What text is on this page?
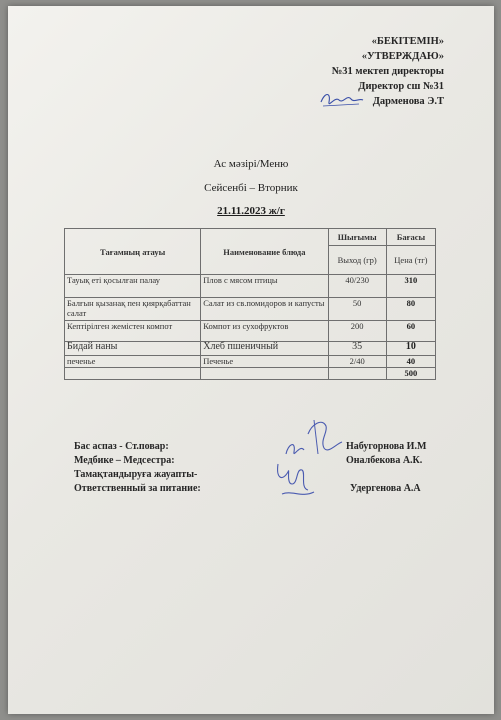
«БЕКІТЕМІН»
«УТВЕРЖДАЮ»
№31 мектеп директоры
Директор сш №31
Дарменова Э.Т
Ас мәзірі/Меню
Сейсенбі – Вторник
21.11.2023 ж/г
Тағамның атауы	Наименование блюда	Шығымы	Бағасы
		Выход (гр)	Цена (тг)
Тауық еті қосылған палау	Плов с мясом птицы	40/230	310
Балғын қызанақ пен қиярқабаттан салат	Салат из св.помидоров и капусты	50	80
Кептірілген жемістен компот	Компот из сухофруктов	200	60
Бидай наны	Хлеб пшеничный	35	10
печенье	Печенье	2/40	40
			500
Бас аспаз - Ст.повар:	Набугорнова И.М
Медбике – Медсестра:	Оналбекова А.К.
Тамақтандыруға жауапты-
Ответственный за питание:	Удергенова А.А
